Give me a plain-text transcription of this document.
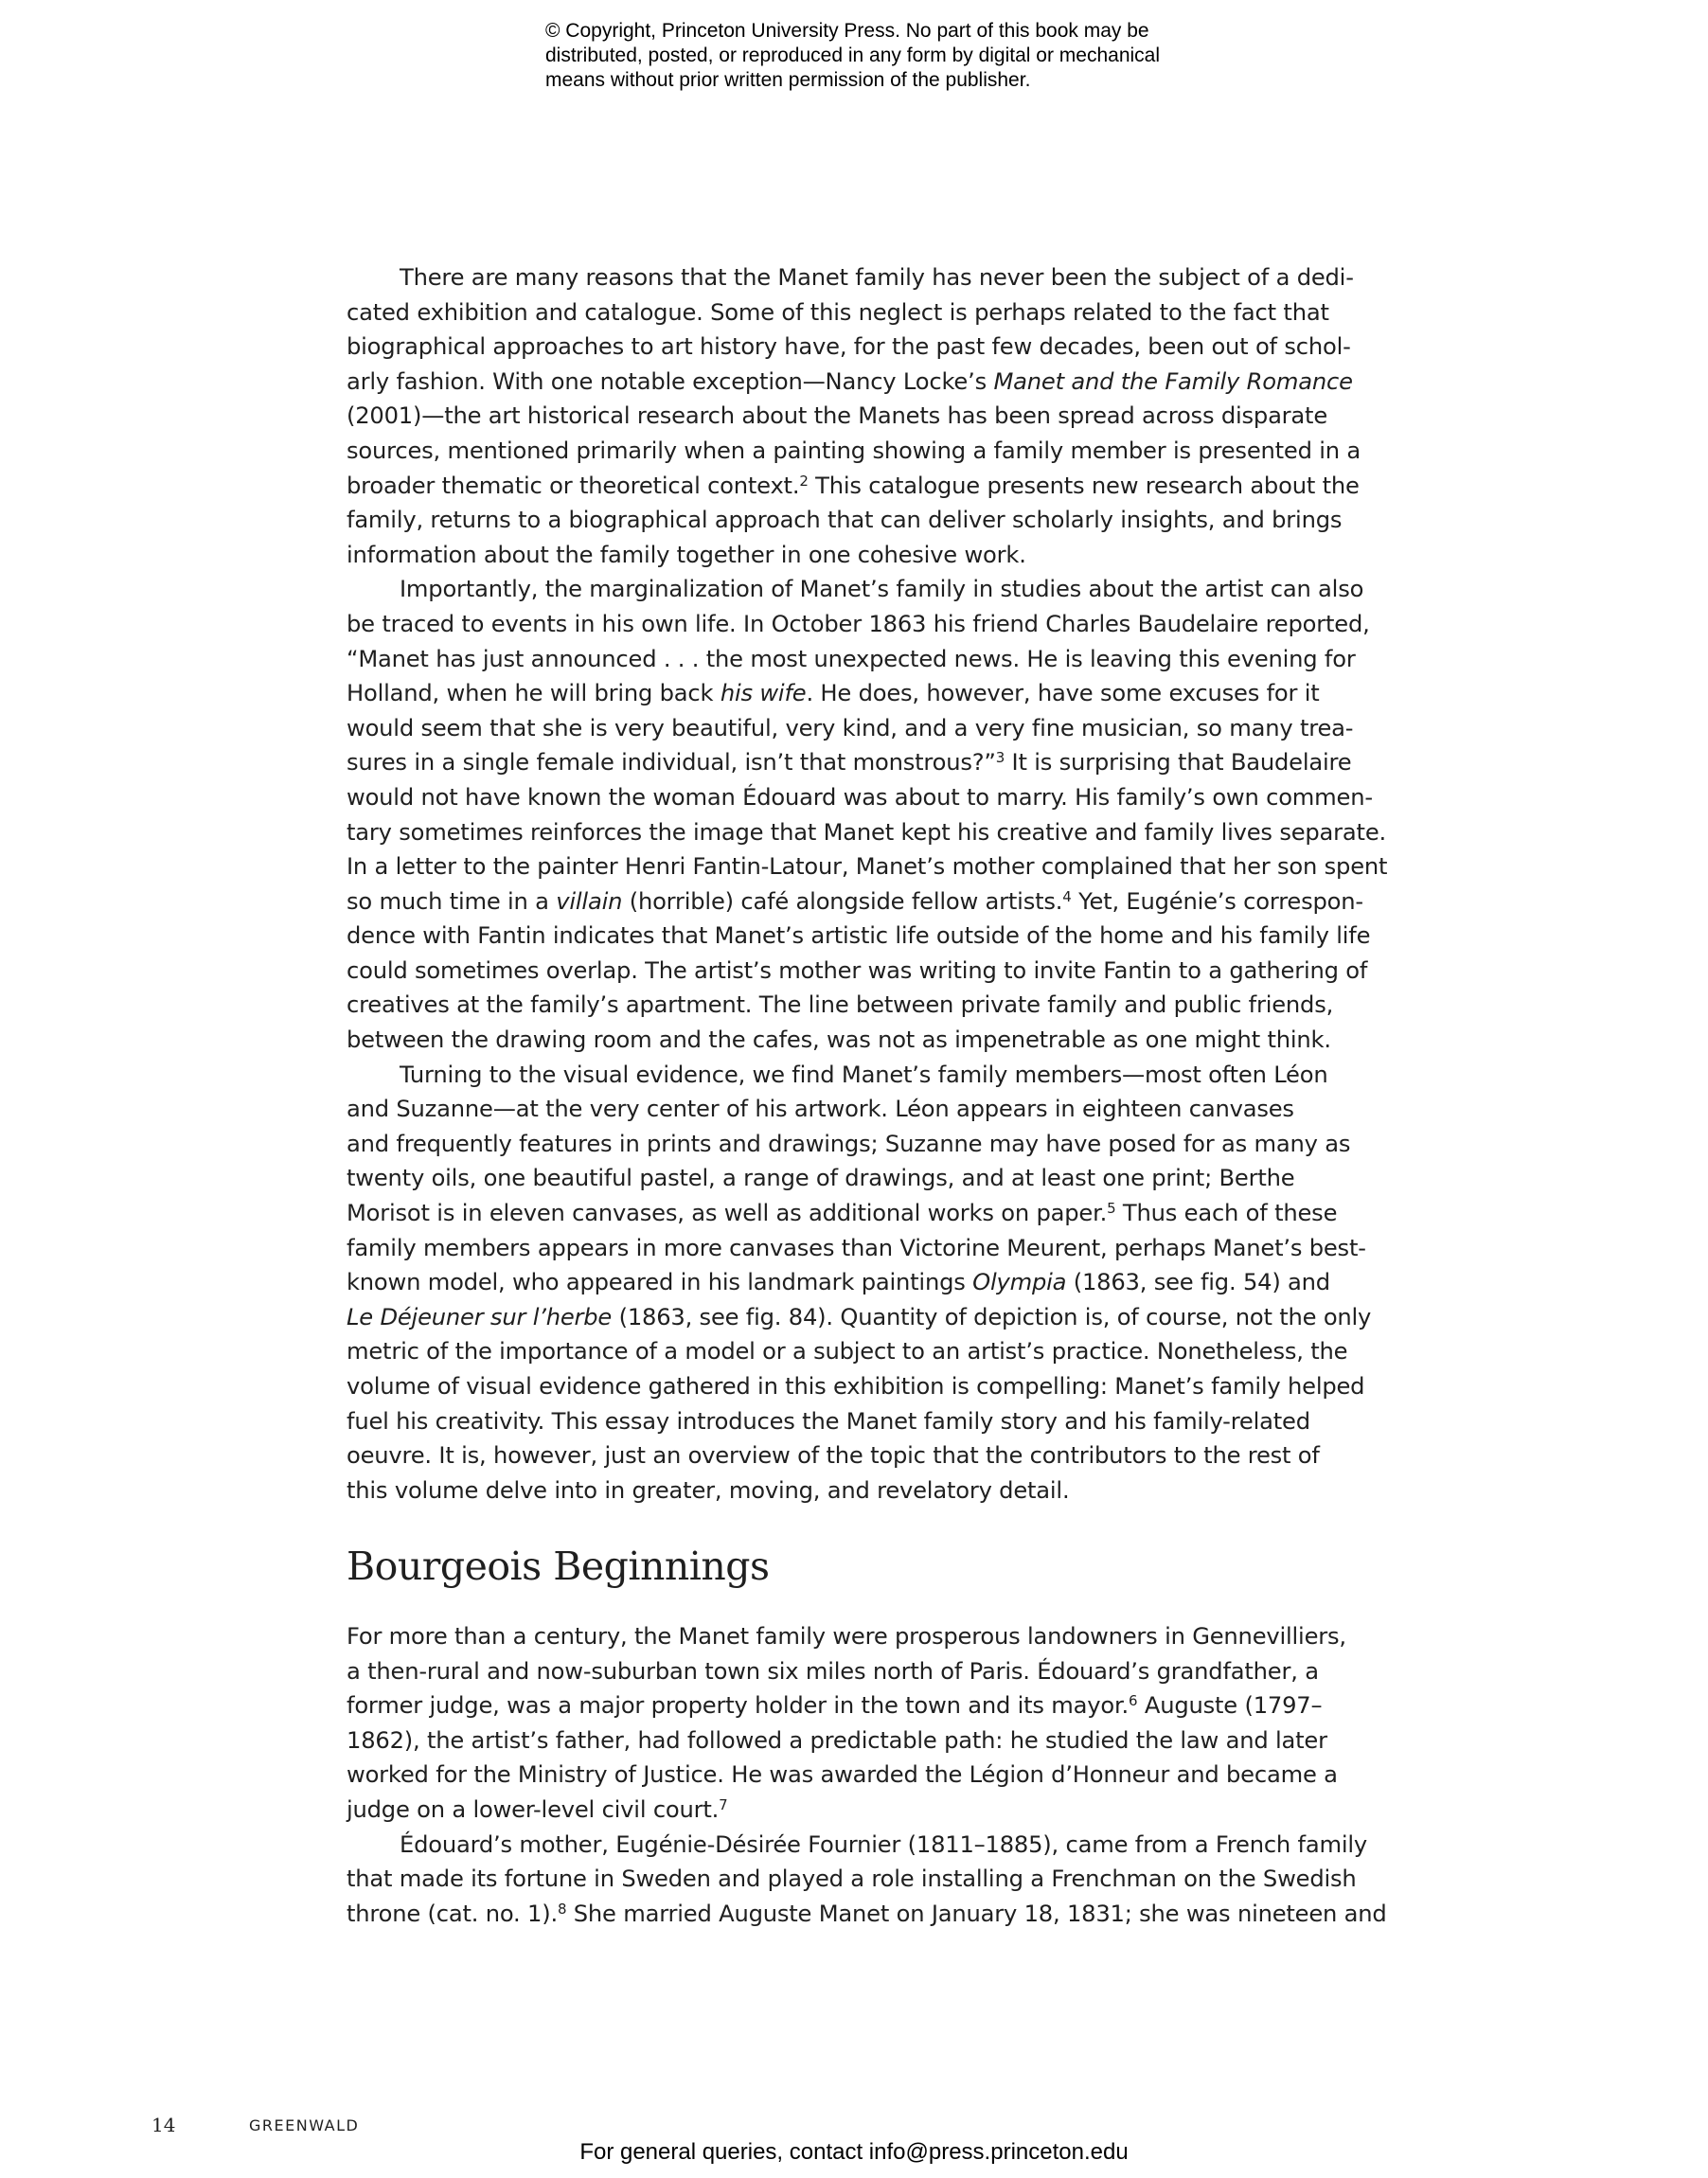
© Copyright, Princeton University Press. No part of this book may be
distributed, posted, or reproduced in any form by digital or mechanical
means without prior written permission of the publisher.
There are many reasons that the Manet family has never been the subject of a dedi-
cated exhibition and catalogue. Some of this neglect is perhaps related to the fact that
biographical approaches to art history have, for the past few decades, been out of schol-
arly fashion. With one notable exception—Nancy Locke’s Manet and the Family Romance
(2001)—the art historical research about the Manets has been spread across disparate
sources, mentioned primarily when a painting showing a family member is presented in a
broader thematic or theoretical context.$^2$ This catalogue presents new research about the
family, returns to a biographical approach that can deliver scholarly insights, and brings
information about the family together in one cohesive work.
Importantly, the marginalization of Manet’s family in studies about the artist can also
be traced to events in his own life. In October 1863 his friend Charles Baudelaire reported,
“Manet has just announced . . . the most unexpected news. He is leaving this evening for
Holland, when he will bring back his wife. He does, however, have some excuses for it
would seem that she is very beautiful, very kind, and a very fine musician, so many trea-
sures in a single female individual, isn’t that monstrous?”$^3$ It is surprising that Baudelaire
would not have known the woman Édouard was about to marry. His family’s own commen-
tary sometimes reinforces the image that Manet kept his creative and family lives separate.
In a letter to the painter Henri Fantin-Latour, Manet’s mother complained that her son spent
so much time in a villain (horrible) café alongside fellow artists.$^4$ Yet, Eugénie’s correspon-
dence with Fantin indicates that Manet’s artistic life outside of the home and his family life
could sometimes overlap. The artist’s mother was writing to invite Fantin to a gathering of
creatives at the family’s apartment. The line between private family and public friends,
between the drawing room and the cafes, was not as impenetrable as one might think.
Turning to the visual evidence, we find Manet’s family members—most often Léon
and Suzanne—at the very center of his artwork. Léon appears in eighteen canvases
and frequently features in prints and drawings; Suzanne may have posed for as many as
twenty oils, one beautiful pastel, a range of drawings, and at least one print; Berthe
Morisot is in eleven canvases, as well as additional works on paper.$^5$ Thus each of these
family members appears in more canvases than Victorine Meurent, perhaps Manet’s best-
known model, who appeared in his landmark paintings Olympia (1863, see fig. 54) and
Le Déjeuner sur l’herbe (1863, see fig. 84). Quantity of depiction is, of course, not the only
metric of the importance of a model or a subject to an artist’s practice. Nonetheless, the
volume of visual evidence gathered in this exhibition is compelling: Manet’s family helped
fuel his creativity. This essay introduces the Manet family story and his family-related
oeuvre. It is, however, just an overview of the topic that the contributors to the rest of
this volume delve into in greater, moving, and revelatory detail.
Bourgeois Beginnings
For more than a century, the Manet family were prosperous landowners in Gennevilliers,
a then-rural and now-suburban town six miles north of Paris. Édouard’s grandfather, a
former judge, was a major property holder in the town and its mayor.$^6$ Auguste (1797–
1862), the artist’s father, had followed a predictable path: he studied the law and later
worked for the Ministry of Justice. He was awarded the Légion d’Honneur and became a
judge on a lower-level civil court.$^7$
Édouard’s mother, Eugénie-Désirée Fournier (1811–1885), came from a French family
that made its fortune in Sweden and played a role installing a Frenchman on the Swedish
throne (cat. no. 1).$^8$ She married Auguste Manet on January 18, 1831; she was nineteen and
14	GREENWALD
For general queries, contact info@press.princeton.edu
